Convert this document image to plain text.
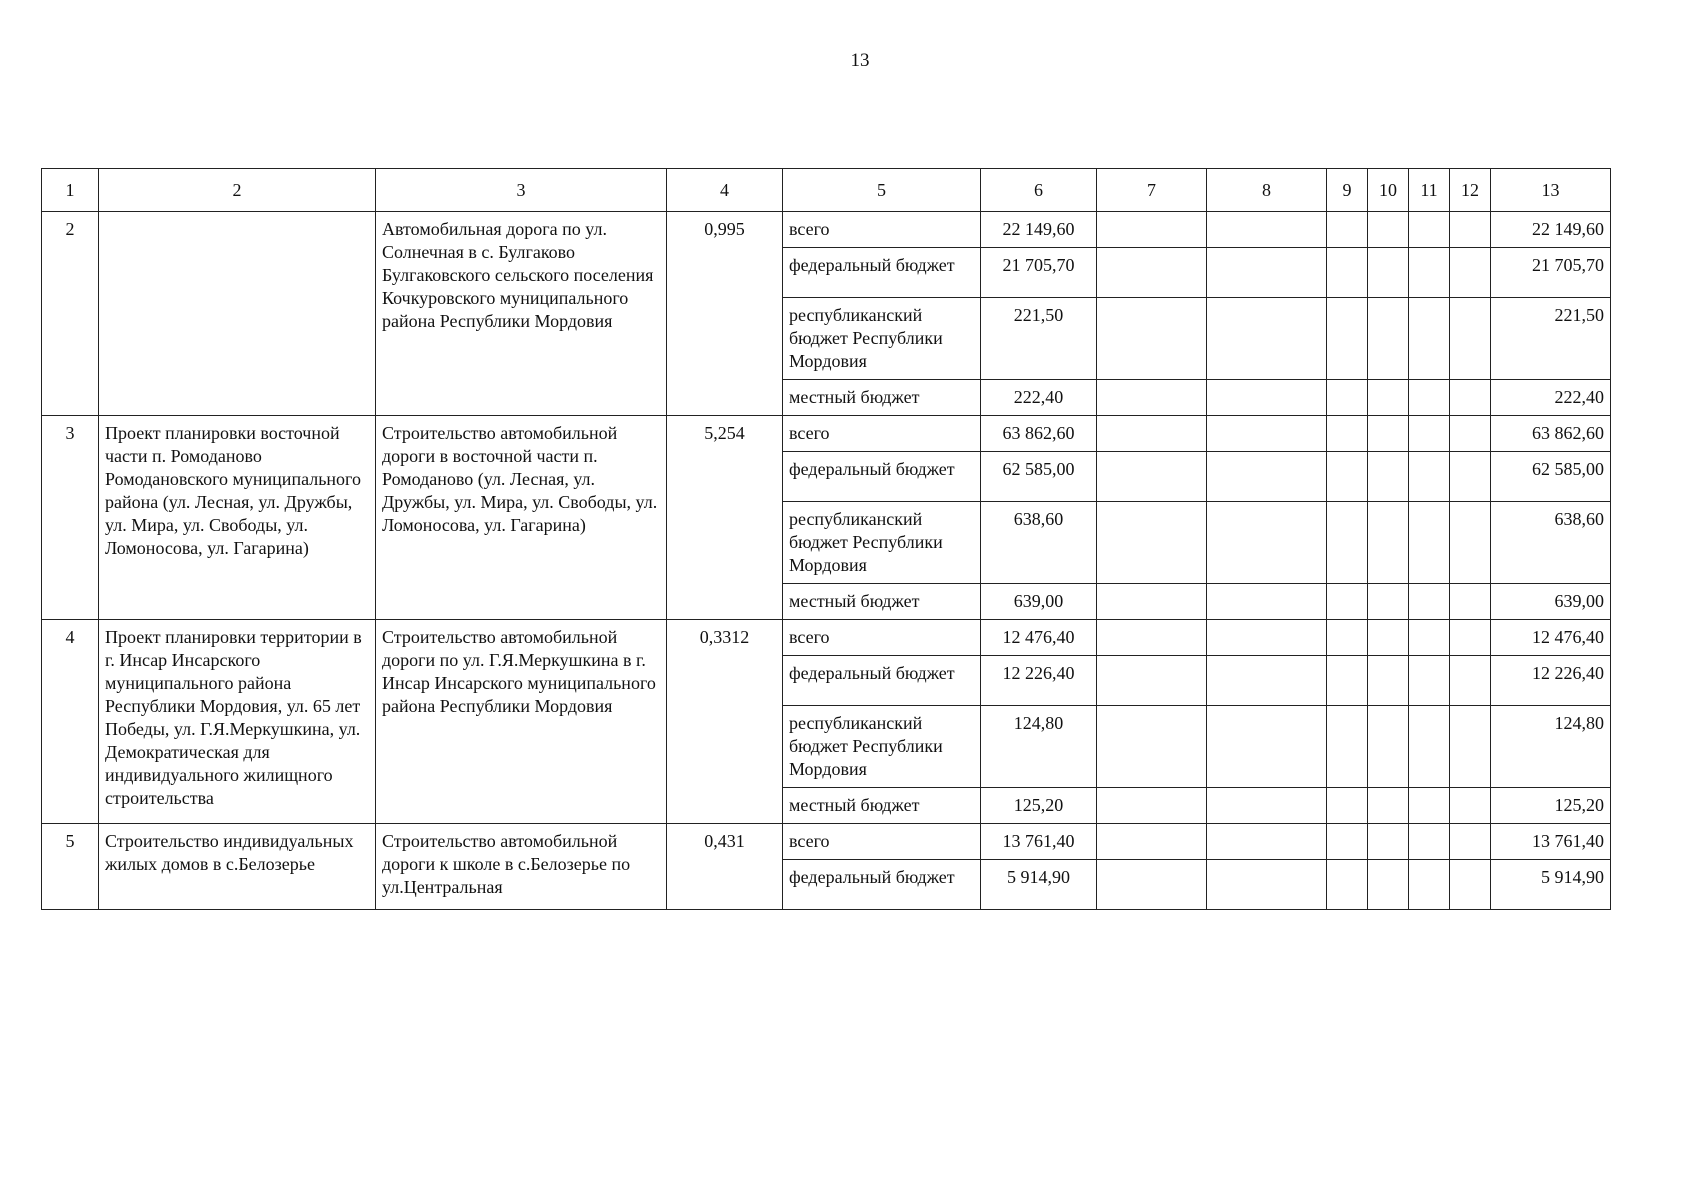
13
1	2	3	4	5	6	7	8	9	10	11	12	13
2		Автомобильная дорога по ул. Солнечная в с. Булгаково Булгаковского сельского поселения Кочкуровского муниципального района Республики Мордовия	0,995	всего	22 149,60							22 149,60
				федеральный бюджет	21 705,70							21 705,70
				республиканский бюджет Республики Мордовия	221,50							221,50
				местный бюджет	222,40							222,40
3	Проект планировки восточной части п. Ромоданово Ромодановского муниципального района (ул. Лесная, ул. Дружбы, ул. Мира, ул. Свободы, ул. Ломоносова, ул. Гагарина)	Строительство автомобильной дороги в восточной части п. Ромоданово (ул. Лесная, ул. Дружбы, ул. Мира, ул. Свободы, ул. Ломоносова, ул. Гагарина)	5,254	всего	63 862,60							63 862,60
				федеральный бюджет	62 585,00							62 585,00
				республиканский бюджет Республики Мордовия	638,60							638,60
				местный бюджет	639,00							639,00
4	Проект планировки территории в г. Инсар Инсарского муниципального района Республики Мордовия, ул. 65 лет Победы, ул. Г.Я.Меркушкина, ул. Демократическая для индивидуального жилищного строительства	Строительство автомобильной дороги по ул. Г.Я.Меркушкина в г. Инсар Инсарского муниципального района Республики Мордовия	0,3312	всего	12 476,40							12 476,40
				федеральный бюджет	12 226,40							12 226,40
				республиканский бюджет Республики Мордовия	124,80							124,80
				местный бюджет	125,20							125,20
5	Строительство индивидуальных жилых домов в с.Белозерье	Строительство автомобильной дороги к школе в с.Белозерье по ул.Центральная	0,431	всего	13 761,40							13 761,40
				федеральный бюджет	5 914,90							5 914,90
